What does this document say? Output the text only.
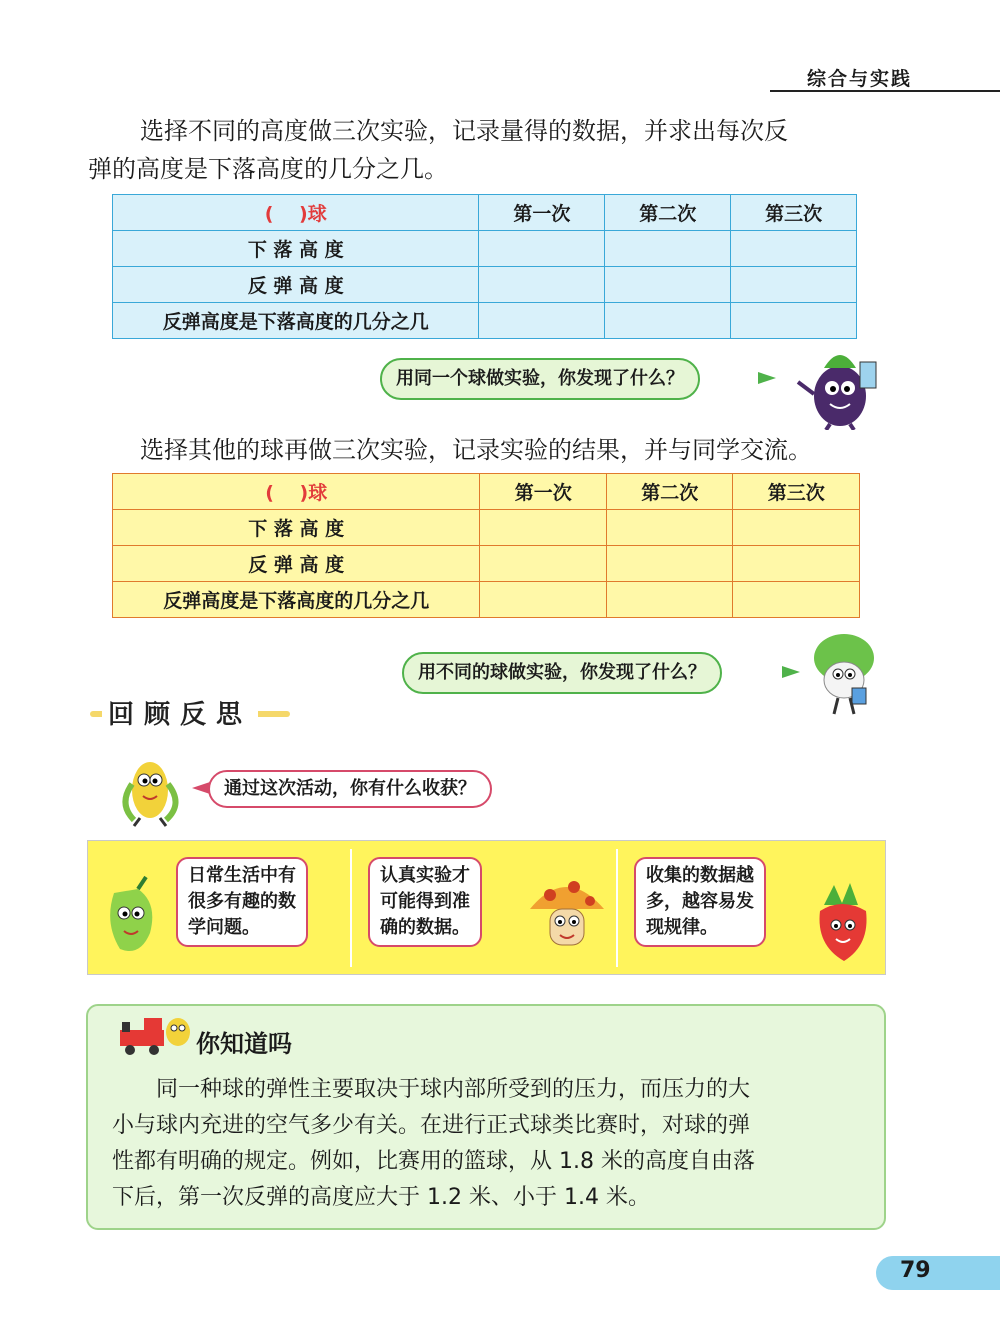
综合与实践
选择不同的高度做三次实验，记录量得的数据，并求出每次反
弹的高度是下落高度的几分之几。
(　 )球	第一次	第二次	第三次
下 落 高 度			
反 弹 高 度			
反弹高度是下落高度的几分之几			
用同一个球做实验，你发现了什么？
选择其他的球再做三次实验，记录实验的结果，并与同学交流。
(　 )球	第一次	第二次	第三次
下 落 高 度			
反 弹 高 度			
反弹高度是下落高度的几分之几			
用不同的球做实验，你发现了什么？
回顾反思
通过这次活动，你有什么收获？
日常生活中有
很多有趣的数
学问题。
认真实验才
可能得到准
确的数据。
收集的数据越
多，越容易发
现规律。
你知道吗
同一种球的弹性主要取决于球内部所受到的压力，而压力的大
小与球内充进的空气多少有关。在进行正式球类比赛时，对球的弹
性都有明确的规定。例如，比赛用的篮球，从 1.8 米的高度自由落
下后，第一次反弹的高度应大于 1.2 米、小于 1.4 米。
79
